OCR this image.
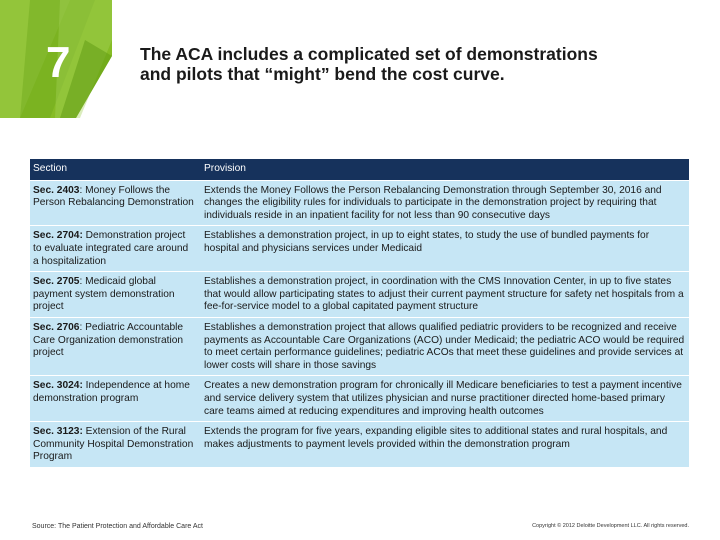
7	The ACA includes a complicated set of demonstrations
and pilots that “might” bend the cost curve.
Section	Provision
Sec. 2403: Money Follows the Person Rebalancing Demonstration	Extends the Money Follows the Person Rebalancing Demonstration through September 30, 2016 and changes the eligibility rules for individuals to participate in the demonstration project by requiring that individuals reside in an inpatient facility for not less than 90 consecutive days
Sec. 2704: Demonstration project to evaluate integrated care around a hospitalization	Establishes a demonstration project, in up to eight states, to study the use of bundled payments for hospital and physicians services under Medicaid
Sec. 2705: Medicaid global payment system demonstration project	Establishes a demonstration project, in coordination with the CMS Innovation Center, in up to five states that would allow participating states to adjust their current payment structure for safety net hospitals from a fee-for-service model to a global capitated payment structure
Sec. 2706: Pediatric Accountable Care Organization demonstration project	Establishes a demonstration project that allows qualified pediatric providers to be recognized and receive payments as Accountable Care Organizations (ACO) under Medicaid; the pediatric ACO would be required to meet certain performance guidelines; pediatric ACOs that meet these guidelines and provide services at lower costs will share in those savings
Sec. 3024: Independence at home demonstration program	Creates a new demonstration program for chronically ill Medicare beneficiaries to test a payment incentive and service delivery system that utilizes physician and nurse practitioner directed home-based primary care teams aimed at reducing expenditures and improving health outcomes
Sec. 3123: Extension of the Rural Community Hospital Demonstration Program	Extends the program for five years, expanding eligible sites to additional states and rural hospitals, and makes adjustments to payment levels provided within the demonstration program
Source: The Patient Protection and Affordable Care Act	Copyright © 2012 Deloitte Development LLC. All rights reserved.
